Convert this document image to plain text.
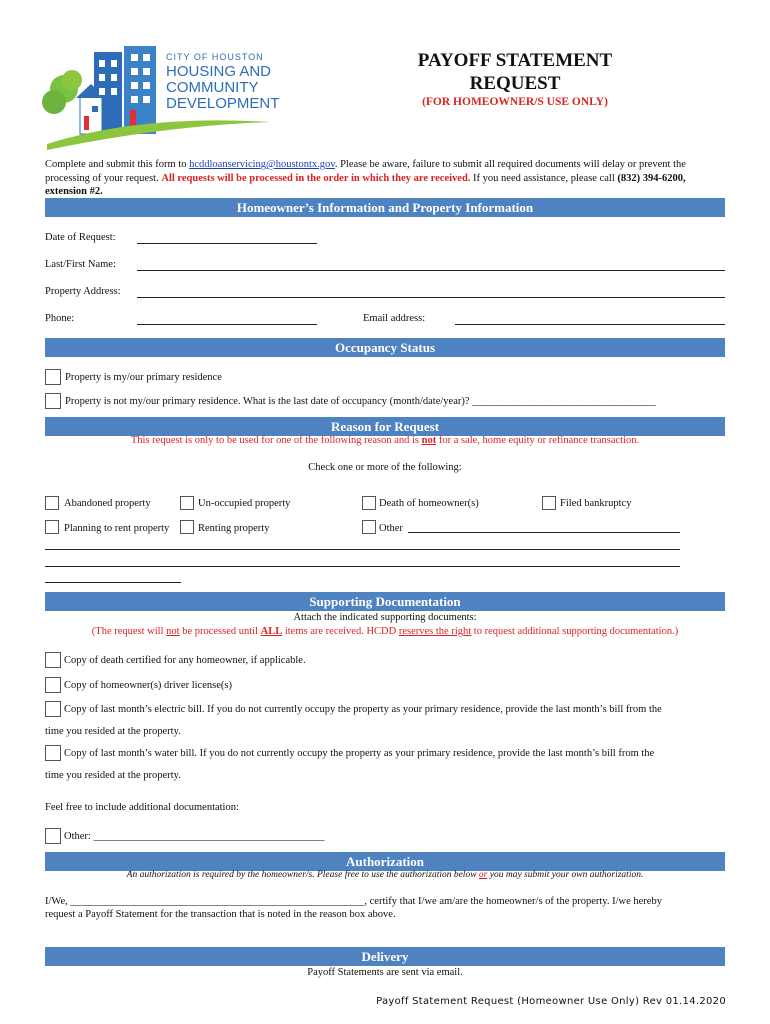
CITY OF HOUSTON
HOUSING AND
COMMUNITY
DEVELOPMENT
PAYOFF STATEMENT
REQUEST
(FOR HOMEOWNER/S USE ONLY)
Complete and submit this form to hcddloanservicing@houstontx.gov. Please be aware, failure to submit all required documents will delay or prevent the processing of your request. All requests will be processed in the order in which they are received. If you need assistance, please call (832) 394-6200, extension #2.
Homeowner’s Information and Property Information
Date of Request:
Last/First Name:
Property Address:
Phone:	Email address:
Occupancy Status
Property is my/our primary residence
Property is not my/our primary residence. What is the last date of occupancy (month/date/year)? ___________________________________
Reason for Request
This request is only to be used for one of the following reason and is not for a sale, home equity or refinance transaction.
Check one or more of the following:
Abandoned property	Un-occupied property	Death of homeowner(s)	Filed bankruptcy
Planning to rent property	Renting property	Other
Supporting Documentation
Attach the indicated supporting documents:
(The request will not be processed until ALL items are received. HCDD reserves the right to request additional supporting documentation.)
Copy of death certified for any homeowner, if applicable.
Copy of homeowner(s) driver license(s)
Copy of last month’s electric bill. If you do not currently occupy the property as your primary residence, provide the last month’s bill from the
time you resided at the property.
Copy of last month’s water bill. If you do not currently occupy the property as your primary residence, provide the last month’s bill from the
time you resided at the property.
Feel free to include additional documentation:
Other: ____________________________________________
Authorization
An authorization is required by the homeowner/s. Please free to use the authorization below or you may submit your own authorization.
I/We, ________________________________________________________, certify that I/we am/are the homeowner/s of the property. I/we hereby
request a Payoff Statement for the transaction that is noted in the reason box above.
Delivery
Payoff Statements are sent via email.
Payoff Statement Request (Homeowner Use Only) Rev 01.14.2020
